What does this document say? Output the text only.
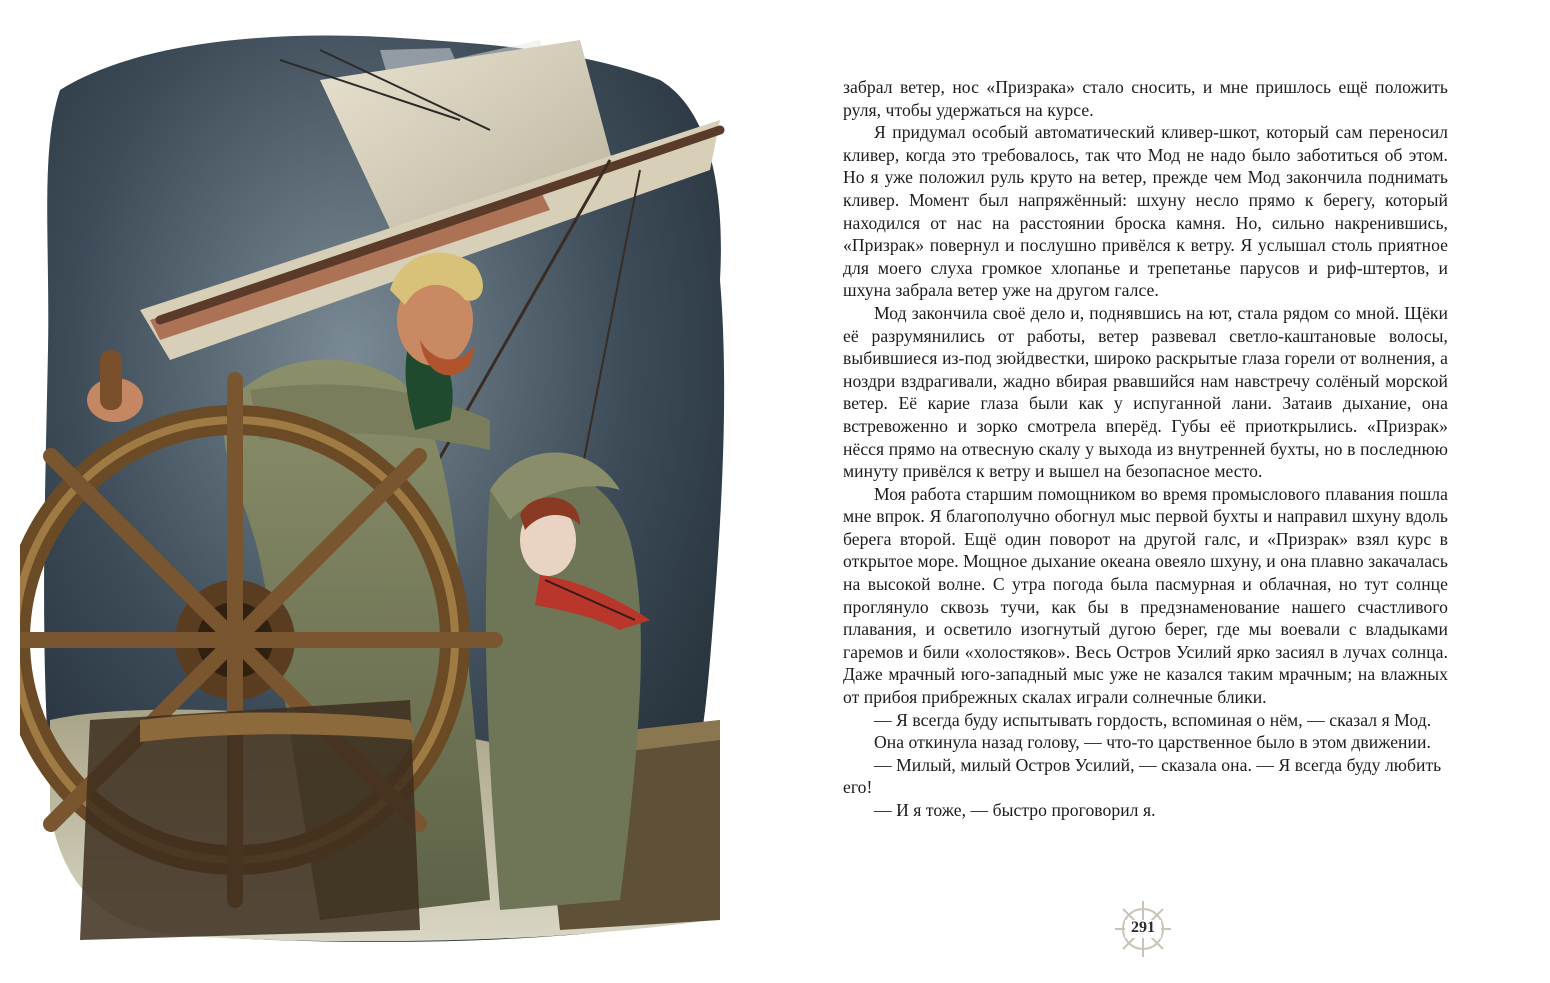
забрал ветер, нос «Призрака» стало сносить, и мне пришлось ещё положить руля, чтобы удержаться на курсе.

Я придумал особый автоматический кливер-шкот, который сам переносил кливер, когда это требовалось, так что Мод не надо было заботиться об этом. Но я уже положил руль круто на ветер, прежде чем Мод закончила поднимать кливер. Момент был напряжённый: шхуну несло прямо к берегу, который находился от нас на расстоянии броска камня. Но, сильно накренившись, «Призрак» повернул и послушно привёлся к ветру. Я услышал столь приятное для моего слуха громкое хлопанье и трепетанье парусов и риф-штертов, и шхуна забрала ветер уже на другом галсе.

Мод закончила своё дело и, поднявшись на ют, стала рядом со мной. Щёки её разрумянились от работы, ветер развевал светло-каштановые волосы, выбившиеся из-под зюйдвестки, широко раскрытые глаза горели от волнения, а ноздри вздрагивали, жадно вбирая рвавшийся нам навстречу солёный морской ветер. Её карие глаза были как у испуганной лани. Затаив дыхание, она встревоженно и зорко смотрела вперёд. Губы её приоткрылись. «Призрак» нёсся прямо на отвесную скалу у выхода из внутренней бухты, но в последнюю минуту привёлся к ветру и вышел на безопасное место.

Моя работа старшим помощником во время промыслового плавания пошла мне впрок. Я благополучно обогнул мыс первой бухты и направил шхуну вдоль берега второй. Ещё один поворот на другой галс, и «Призрак» взял курс в открытое море. Мощное дыхание океана овеяло шхуну, и она плавно закачалась на высокой волне. С утра погода была пасмурная и облачная, но тут солнце проглянуло сквозь тучи, как бы в предзнаменование нашего счастливого плавания, и осветило изогнутый дугою берег, где мы воевали с владыками гаремов и били «холостяков». Весь Остров Усилий ярко засиял в лучах солнца. Даже мрачный юго-западный мыс уже не казался таким мрачным; на влажных от прибоя прибрежных скалах играли солнечные блики.

— Я всегда буду испытывать гордость, вспоминая о нём, — сказал я Мод.

Она откинула назад голову, — что-то царственное было в этом движении.

— Милый, милый Остров Усилий, — сказала она. — Я всегда буду любить его!

— И я тоже, — быстро проговорил я.

291
